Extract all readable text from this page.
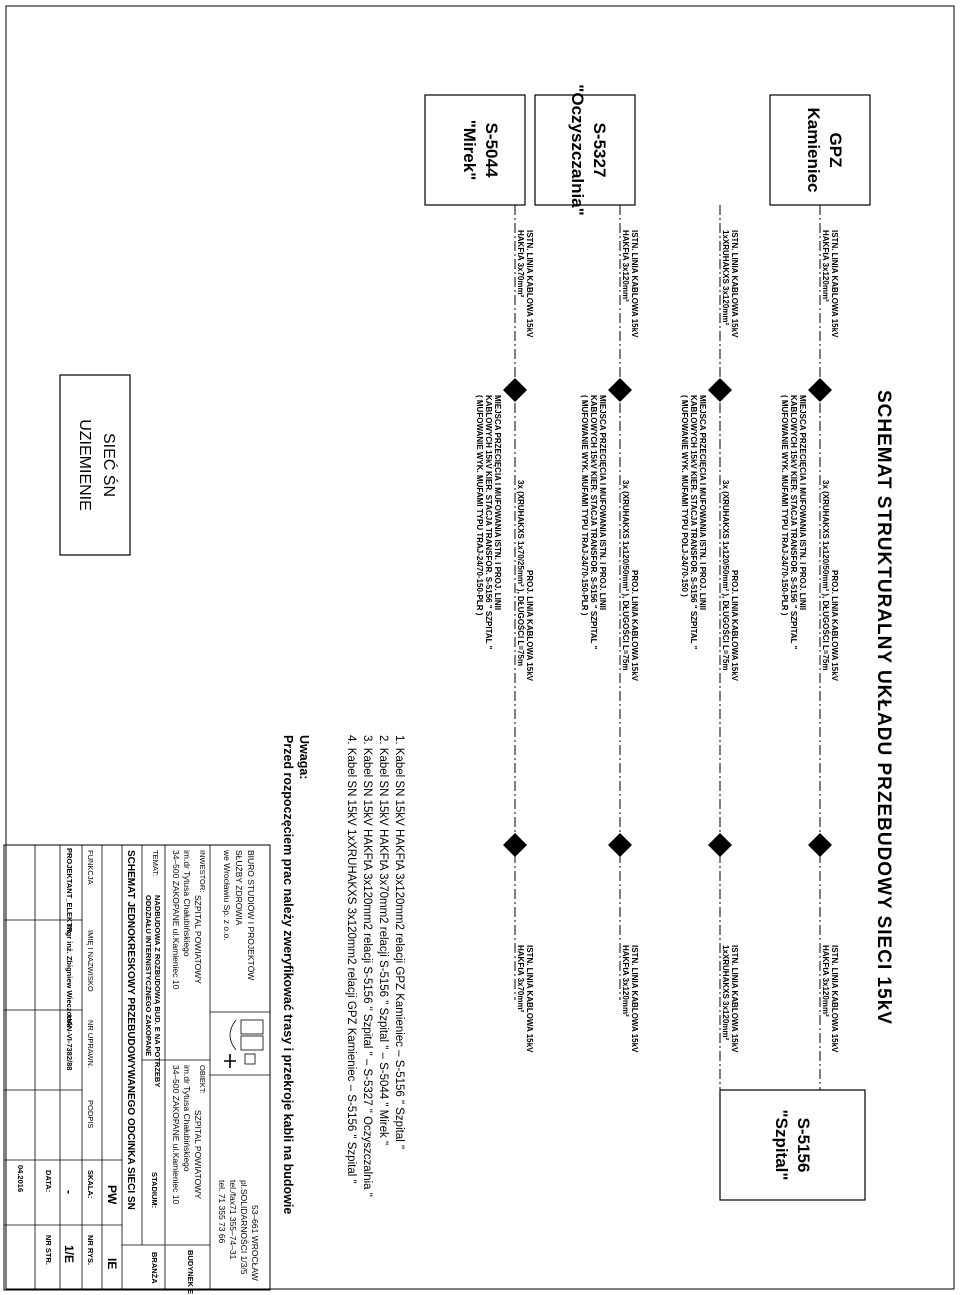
SCHEMAT STRUKTURALNY UKŁADU PRZEBUDOWY SIECI 15kV
GPZ
Kamieniec
S-5327
"Oczyszczalnia"
S-5044
"Mirek"
S-5156
"Szpital"
ISTN. LINIA KABLOWA 15kV
HAKFtA 3x120mm²
PROJ. LINIA KABLOWA 15kV
3x (XRUHAKXS 1x120/50mm² ), DŁUGOŚCI L=75m
MIEJSCA PRZECIĘCIA I MUFOWANIA ISTN. I PROJ. LINII
KABLOWYCH 15kV KIER. STACJA TRANSFOR. S-5156 " SZPITAL "
( MUFOWANIE WYK. MUFAMI TYPU TRAJ-24/70-150-PLR )
ISTN. LINIA KABLOWA 15kV
HAKFtA 3x120mm²
ISTN. LINIA KABLOWA 15kV
1xXRUHAKXS 3x120mm²
PROJ. LINIA KABLOWA 15kV
3x (XRUHAKXS 1x120/50mm² ), DŁUGOŚCI L=75m
MIEJSCA PRZECIĘCIA I MUFOWANIA ISTN. I PROJ. LINII
KABLOWYCH 15kV KIER. STACJA TRANSFOR. S-5156 " SZPITAL "
( MUFOWANIE WYK. MUFAMI TYPU POLJ-24/70-150 )
ISTN. LINIA KABLOWA 15kV
1xXRUHAKXS 3x120mm²
ISTN. LINIA KABLOWA 15kV
HAKFtA 3x120mm²
PROJ. LINIA KABLOWA 15kV
3x (XRUHAKXS 1x120/50mm² ), DŁUGOŚCI L=75m
MIEJSCA PRZECIĘCIA I MUFOWANIA ISTN. I PROJ. LINII
KABLOWYCH 15kV KIER. STACJA TRANSFOR. S-5156 " SZPITAL "
( MUFOWANIE WYK. MUFAMI TYPU TRAJ-24/70-150-PLR )
ISTN. LINIA KABLOWA 15kV
HAKFtA 3x120mm²
ISTN. LINIA KABLOWA 15kV
HAKFtA 3x70mm²
PROJ. LINIA KABLOWA 15kV
3x (XRUHAKXS 1x70/25mm² ), DŁUGOŚCI L=75m
MIEJSCA PRZECIĘCIA I MUFOWANIA ISTN. I PROJ. LINII
KABLOWYCH 15kV KIER. STACJA TRANSFOR. S-5156 " SZPITAL "
( MUFOWANIE WYK. MUFAMI TYPU TRAJ-24/70-150-PLR )
ISTN. LINIA KABLOWA 15kV
HAKFtA 3x70mm²
1. Kabel SN 15kV HAKFtA 3x120mm2 relacji GPZ Kamieniec – S-5156 " Szpital "
2. Kabel SN 15kV HAKFtA 3x70mm2 relacji S-5156 " Szpital " – S-5044 " Mirek "
3. Kabel SN 15kV HAKFtA 3x120mm2 relacji S-5156 " Szpital " – S-5327 " Oczyszczalnia "
4. Kabel SN 15kV 1xXRUHAKXS 3x120mm2 relacji GPZ Kamieniec – S-5156 " Szpital "
Uwaga:
Przed rozpoczęciem prac należy zweryfikować trasy i przekroje kabli na budowie
SIEĆ ŚN
UZIEMIENIE
BIURO STUDIÓW I PROJEKTÓW
SŁUŻBY ZDROWIA
we Wrocławiu Sp. z o.o.
53–661 WROCŁAW
pl.SOLIDARNOŚCI 1/3/5
tel./fax71 355–74–31
tel. 71 355 73 66
INWESTOR:
SZPITAL POWIATOWY
im.dr Tytusa Chałubińskiego
34–500 ZAKOPANE ul.Kamieniec 10
OBIEKT:
SZPITAL POWIATOWY
im.dr Tytusa Chałubińskiego
34–500 ZAKOPANE ul.Kamieniec 10
BUDYNEK E
TEMAT:
NADBUDOWA Z ROZBUDOWĄ BUD. E NA POTRZEBY
ODDZIAŁU INTERNISTYCZNEGO ZAKOPANE
SCHEMAT JEDNOKRESKOWY PRZEBUDOWYWANEGO ODCINKA SIECI SN STADIUM:
BRANŻA
PW
IE
FUNKCJA
IMIĘ I NAZWISKO
NR UPRAWN.
PODPIS
SKALA:
NR RYS.
-
1/E
PROJEKTANT_ELEKTR.
mgr inż. Zbigniew Wieczorek
UAN-VI-7382/88
DATA:
04.2016
NR STR.
